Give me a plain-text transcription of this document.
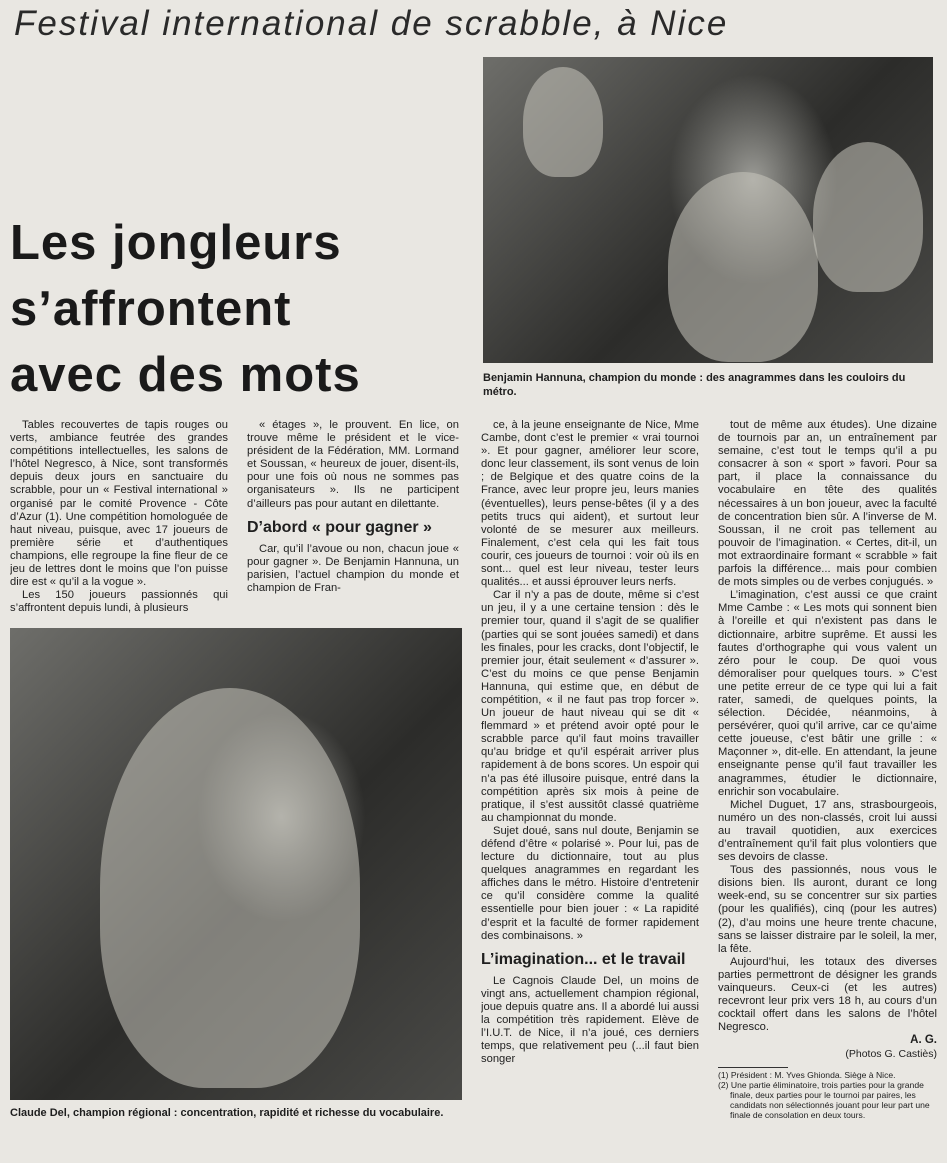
Festival international de scrabble, à Nice
Les jongleurs
s’affrontent
avec des mots	Benjamin Hannuna, champion du monde : des anagrammes dans les couloirs du métro.
Claude Del, champion régional : concentration, rapidité et richesse du vocabulaire.

Tables recouvertes de tapis rouges ou verts, ambiance feutrée des grandes compétitions intellectuelles, les salons de l’hôtel Negresco, à Nice, sont transformés depuis deux jours en sanctuaire du scrabble, pour un « Festival international » organisé par le comité Provence - Côte d’Azur (1). Une compétition homologuée de haut niveau, puisque, avec 17 joueurs de première série et d’authentiques champions, elle regroupe la fine fleur de ce jeu de lettres dont le moins que l’on puisse dire est « qu’il a la vogue ».

Les 150 joueurs passionnés qui s’affrontent depuis lundi, à plusieurs

« étages », le prouvent. En lice, on trouve même le président et le vice-président de la Fédération, MM. Lormand et Soussan, « heureux de jouer, disent-ils, pour une fois où nous ne sommes pas organisateurs ». Ils ne participent d’ailleurs pas pour autant en dilettante.

D’abord « pour gagner »

Car, qu’il l’avoue ou non, chacun joue « pour gagner ». De Benjamin Hannuna, un parisien, l’actuel champion du monde et champion de Fran-

ce, à la jeune enseignante de Nice, Mme Cambe, dont c’est le premier « vrai tournoi ». Et pour gagner, améliorer leur score, donc leur classement, ils sont venus de loin ; de Belgique et des quatre coins de la France, avec leur propre jeu, leurs manies (éventuelles), leurs pense-bêtes (il y a des petits trucs qui aident), et surtout leur volonté de se mesurer aux meilleurs. Finalement, c’est cela qui les fait tous courir, ces joueurs de tournoi : voir où ils en sont... quel est leur niveau, tester leurs qualités... et aussi éprouver leurs nerfs.

Car il n’y a pas de doute, même si c’est un jeu, il y a une certaine tension : dès le premier tour, quand il s’agit de se qualifier (parties qui se sont jouées samedi) et dans les finales, pour les cracks, dont l’objectif, le premier jour, était seulement « d’assurer ». C’est du moins ce que pense Benjamin Hannuna, qui estime que, en début de compétition, « il ne faut pas trop forcer ». Un joueur de haut niveau qui se dit « flemmard » et prétend avoir opté pour le scrabble parce qu’il faut moins travailler qu’au bridge et qu’il espérait arriver plus rapidement à de bons scores. Un espoir qui n’a pas été illusoire puisque, entré dans la compétition après six mois à peine de pratique, il s’est aussitôt classé quatrième au championnat du monde.

Sujet doué, sans nul doute, Benjamin se défend d’être « polarisé ». Pour lui, pas de lecture du dictionnaire, tout au plus quelques anagrammes en regardant les affiches dans le métro. Histoire d’entretenir ce qu’il considère comme la qualité essentielle pour bien jouer : « La rapidité d’esprit et la faculté de former rapidement des combinaisons. »

L’imagination... et le travail

Le Cagnois Claude Del, un moins de vingt ans, actuellement champion régional, joue depuis quatre ans. Il a abordé lui aussi la compétition très rapidement. Elève de l’I.U.T. de Nice, il n’a joué, ces derniers temps, que relativement peu (...il faut bien songer

tout de même aux études). Une dizaine de tournois par an, un entraînement par semaine, c’est tout le temps qu’il a pu consacrer à son « sport » favori. Pour sa part, il place la connaissance du vocabulaire en tête des qualités nécessaires à un bon joueur, avec la faculté de concentration bien sûr. A l’inverse de M. Soussan, il ne croit pas tellement au pouvoir de l’imagination. « Certes, dit-il, un mot extraordinaire formant « scrabble » fait parfois la différence... mais pour combien de mots simples ou de verbes conjugués. »

L’imagination, c’est aussi ce que craint Mme Cambe : « Les mots qui sonnent bien à l’oreille et qui n’existent pas dans le dictionnaire, arbitre suprême. Et aussi les fautes d’orthographe qui vous valent un zéro pour le coup. De quoi vous démoraliser pour quelques tours. » C’est une petite erreur de ce type qui lui a fait rater, samedi, de quelques points, la sélection. Décidée, néanmoins, à persévérer, quoi qu’il arrive, car ce qu’aime cette joueuse, c’est bâtir une grille : « Maçonner », dit-elle. En attendant, la jeune enseignante pense qu’il faut travailler les anagrammes, étudier le dictionnaire, enrichir son vocabulaire.

Michel Duguet, 17 ans, strasbourgeois, numéro un des non-classés, croit lui aussi au travail quotidien, aux exercices d’entraînement qu’il fait plus volontiers que ses devoirs de classe.

Tous des passionnés, nous vous le disions bien. Ils auront, durant ce long week-end, su se concentrer sur six parties (pour les qualifiés), cinq (pour les autres) (2), d’au moins une heure trente chacune, sans se laisser distraire par le soleil, la mer, la fête.

Aujourd’hui, les totaux des diverses parties permettront de désigner les grands vainqueurs. Ceux-ci (et les autres) recevront leur prix vers 18 h, au cours d’un cocktail offert dans les salons de l’hôtel Negresco.

A. G.
(Photos G. Castiès)
(1) Président : M. Yves Ghionda. Siège à Nice.
(2) Une partie éliminatoire, trois parties pour la grande finale, deux parties pour le tournoi par paires, les candidats non sélectionnés jouant pour leur part une finale de consolation en deux tours.
